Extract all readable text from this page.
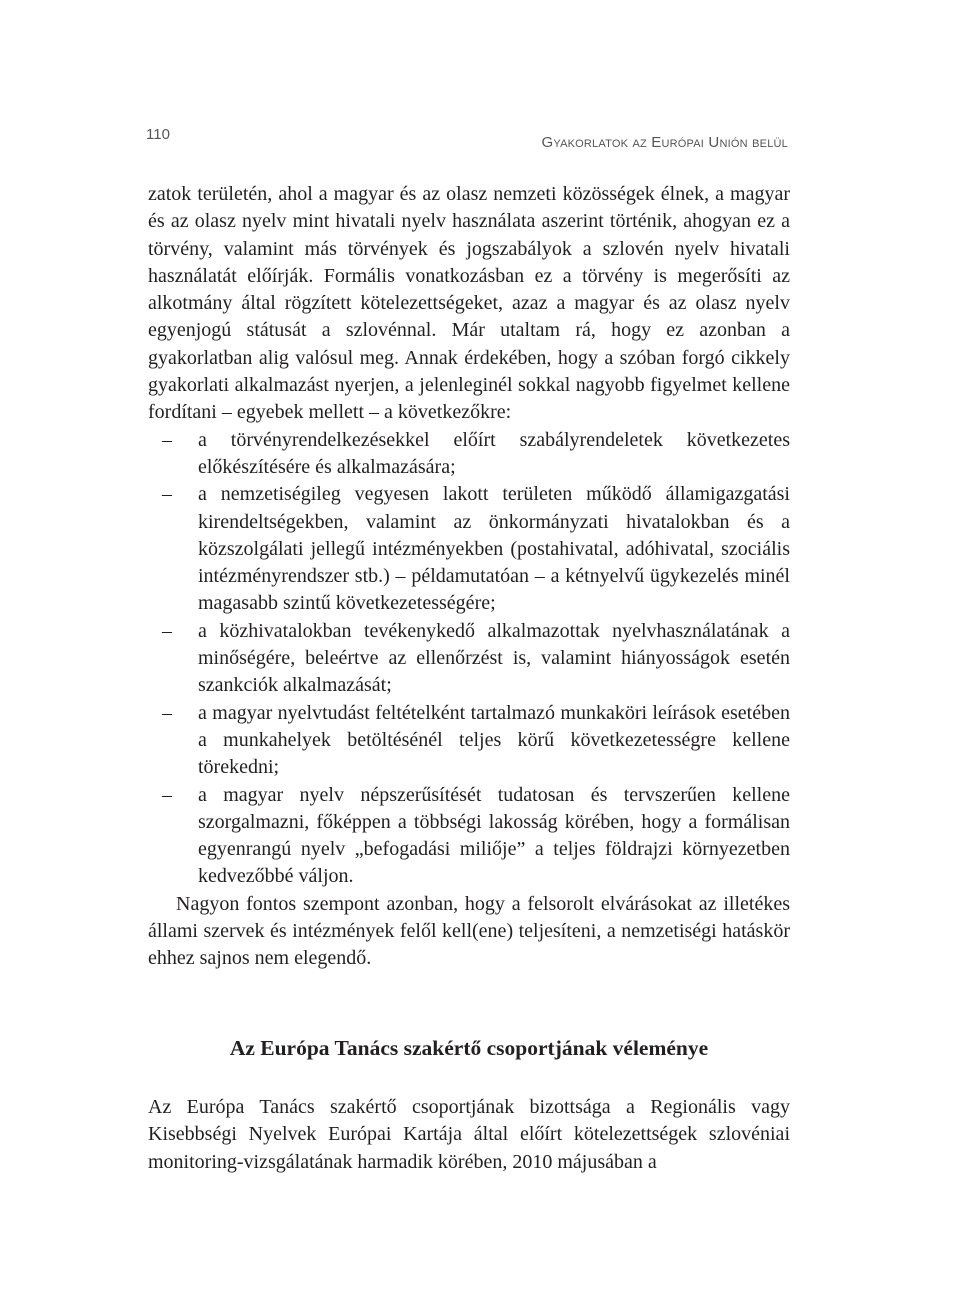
110	Gyakorlatok az Európai Unión belül

zatok területén, ahol a magyar és az olasz nemzeti közösségek élnek, a magyar és az olasz nyelv mint hivatali nyelv használata aszerint történik, ahogyan ez a törvény, valamint más törvények és jogszabályok a szlovén nyelv hivatali használatát előírják. Formális vonatkozásban ez a törvény is megerősíti az alkotmány által rögzített kötelezettségeket, azaz a magyar és az olasz nyelv egyenjogú státusát a szlovénnal. Már utaltam rá, hogy ez azonban a gyakorlatban alig valósul meg. Annak érdekében, hogy a szóban forgó cikkely gyakorlati alkalmazást nyerjen, a jelenleginél sokkal nagyobb figyelmet kellene fordítani – egyebek mellett – a következőkre:

– a törvényrendelkezésekkel előírt szabályrendeletek következetes előkészítésére és alkalmazására;
– a nemzetiségileg vegyesen lakott területen működő államigazgatási kirendeltségekben, valamint az önkormányzati hivatalokban és a közszolgálati jellegű intézményekben (postahivatal, adóhivatal, szociális intézményrendszer stb.) – példamutatóan – a kétnyelvű ügykezelés minél magasabb szintű következetességére;
– a közhivatalokban tevékenykedő alkalmazottak nyelvhasználatának a minőségére, beleértve az ellenőrzést is, valamint hiányosságok esetén szankciók alkalmazását;
– a magyar nyelvtudást feltételként tartalmazó munkaköri leírások esetében a munkahelyek betöltésénél teljes körű következetességre kellene törekedni;
– a magyar nyelv népszerűsítését tudatosan és tervszerűen kellene szorgalmazni, főképpen a többségi lakosság körében, hogy a formálisan egyenrangú nyelv „befogadási miliője” a teljes földrajzi környezetben kedvezőbbé váljon.

Nagyon fontos szempont azonban, hogy a felsorolt elvárásokat az illetékes állami szervek és intézmények felől kell(ene) teljesíteni, a nemzetiségi hatáskör ehhez sajnos nem elegendő.

Az Európa Tanács szakértő csoportjának véleménye

Az Európa Tanács szakértő csoportjának bizottsága a Regionális vagy Kisebbségi Nyelvek Európai Kartája által előírt kötelezettségek szlovéniai monitoring-vizsgálatának harmadik körében, 2010 májusában a
